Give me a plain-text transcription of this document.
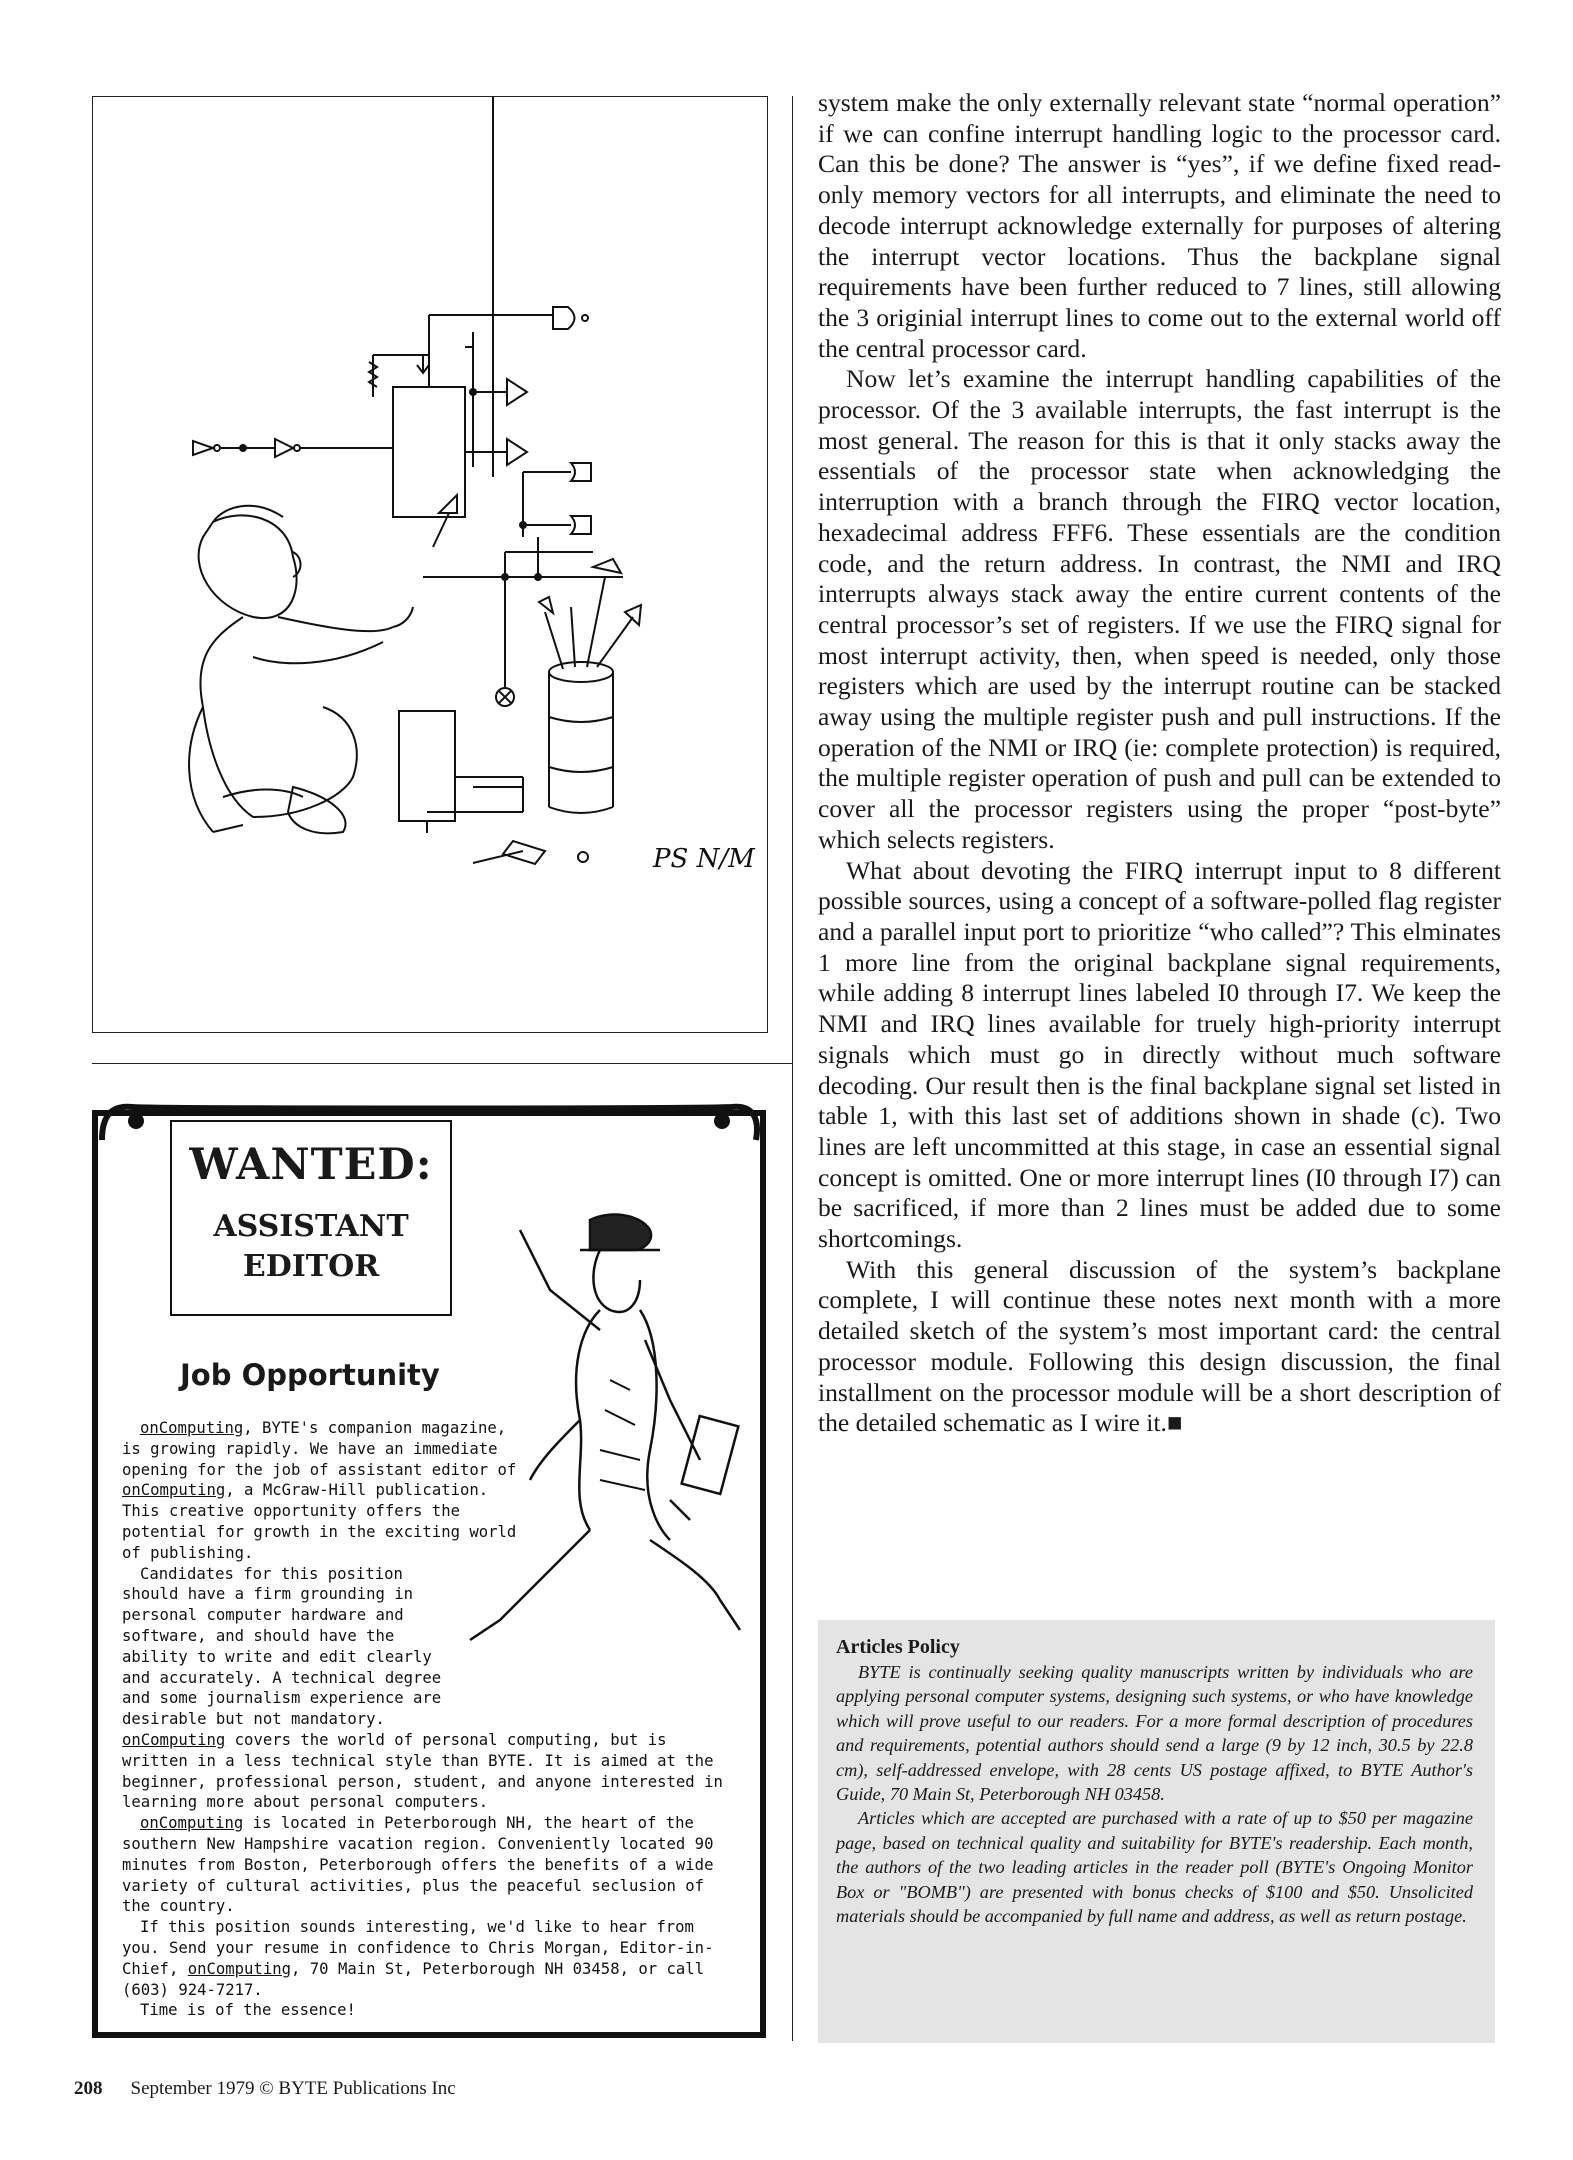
PS N/M

system make the only externally relevant state “normal operation” if we can confine interrupt handling logic to the processor card. Can this be done? The answer is “yes”, if we define fixed read-only memory vectors for all interrupts, and eliminate the need to decode interrupt acknowledge externally for purposes of altering the interrupt vector locations. Thus the backplane signal requirements have been further reduced to 7 lines, still allowing the 3 originial interrupt lines to come out to the external world off the central processor card.

Now let’s examine the interrupt handling capabilities of the processor. Of the 3 available interrupts, the fast interrupt is the most general. The reason for this is that it only stacks away the essentials of the processor state when acknowledging the interruption with a branch through the FIRQ vector location, hexadecimal address FFF6. These essentials are the condition code, and the return address. In contrast, the NMI and IRQ interrupts always stack away the entire current contents of the central processor’s set of registers. If we use the FIRQ signal for most interrupt activity, then, when speed is needed, only those registers which are used by the interrupt routine can be stacked away using the multiple register push and pull instructions. If the operation of the NMI or IRQ (ie: complete protection) is required, the multiple register operation of push and pull can be extended to cover all the processor registers using the proper “post-byte” which selects registers.

What about devoting the FIRQ interrupt input to 8 different possible sources, using a concept of a software-polled flag register and a parallel input port to prioritize “who called”? This elminates 1 more line from the original backplane signal requirements, while adding 8 interrupt lines labeled I0 through I7. We keep the NMI and IRQ lines available for truely high-priority interrupt signals which must go in directly without much software decoding. Our result then is the final backplane signal set listed in table 1, with this last set of additions shown in shade (c). Two lines are left uncommitted at this stage, in case an essential signal concept is omitted. One or more interrupt lines (I0 through I7) can be sacrificed, if more than 2 lines must be added due to some shortcomings.

With this general discussion of the system’s backplane complete, I will continue these notes next month with a more detailed sketch of the system’s most important card: the central processor module. Following this design discussion, the final installment on the processor module will be a short description of the detailed schematic as I wire it.■

Articles Policy

BYTE is continually seeking quality manuscripts written by individuals who are applying personal computer systems, designing such systems, or who have knowledge which will prove useful to our readers. For a more formal description of procedures and requirements, potential authors should send a large (9 by 12 inch, 30.5 by 22.8 cm), self-addressed envelope, with 28 cents US postage affixed, to BYTE Author's Guide, 70 Main St, Peterborough NH 03458.

Articles which are accepted are purchased with a rate of up to $50 per magazine page, based on technical quality and suitability for BYTE's readership. Each month, the authors of the two leading articles in the reader poll (BYTE's Ongoing Monitor Box or "BOMB") are presented with bonus checks of $100 and $50. Unsolicited materials should be accompanied by full name and address, as well as return postage.

WANTED:
ASSISTANT
EDITOR
Job Opportunity

onComputing, BYTE's companion magazine, is growing rapidly. We have an immediate opening for the job of assistant editor of onComputing, a McGraw-Hill publication. This creative opportunity offers the potential for growth in the exciting world of publishing.

Candidates for this position should have a firm grounding in personal computer hardware and software, and should have the ability to write and edit clearly and accurately. A technical degree and some journalism experience are desirable but not mandatory.

onComputing covers the world of personal computing, but is written in a less technical style than BYTE. It is aimed at the beginner, professional person, student, and anyone interested in learning more about personal computers.

onComputing is located in Peterborough NH, the heart of the southern New Hampshire vacation region. Conveniently located 90 minutes from Boston, Peterborough offers the benefits of a wide variety of cultural activities, plus the peaceful seclusion of the country.

If this position sounds interesting, we'd like to hear from you. Send your resume in confidence to Chris Morgan, Editor-in-Chief, onComputing, 70 Main St, Peterborough NH 03458, or call (603) 924-7217.

Time is of the essence!

208 September 1979 © BYTE Publications Inc
